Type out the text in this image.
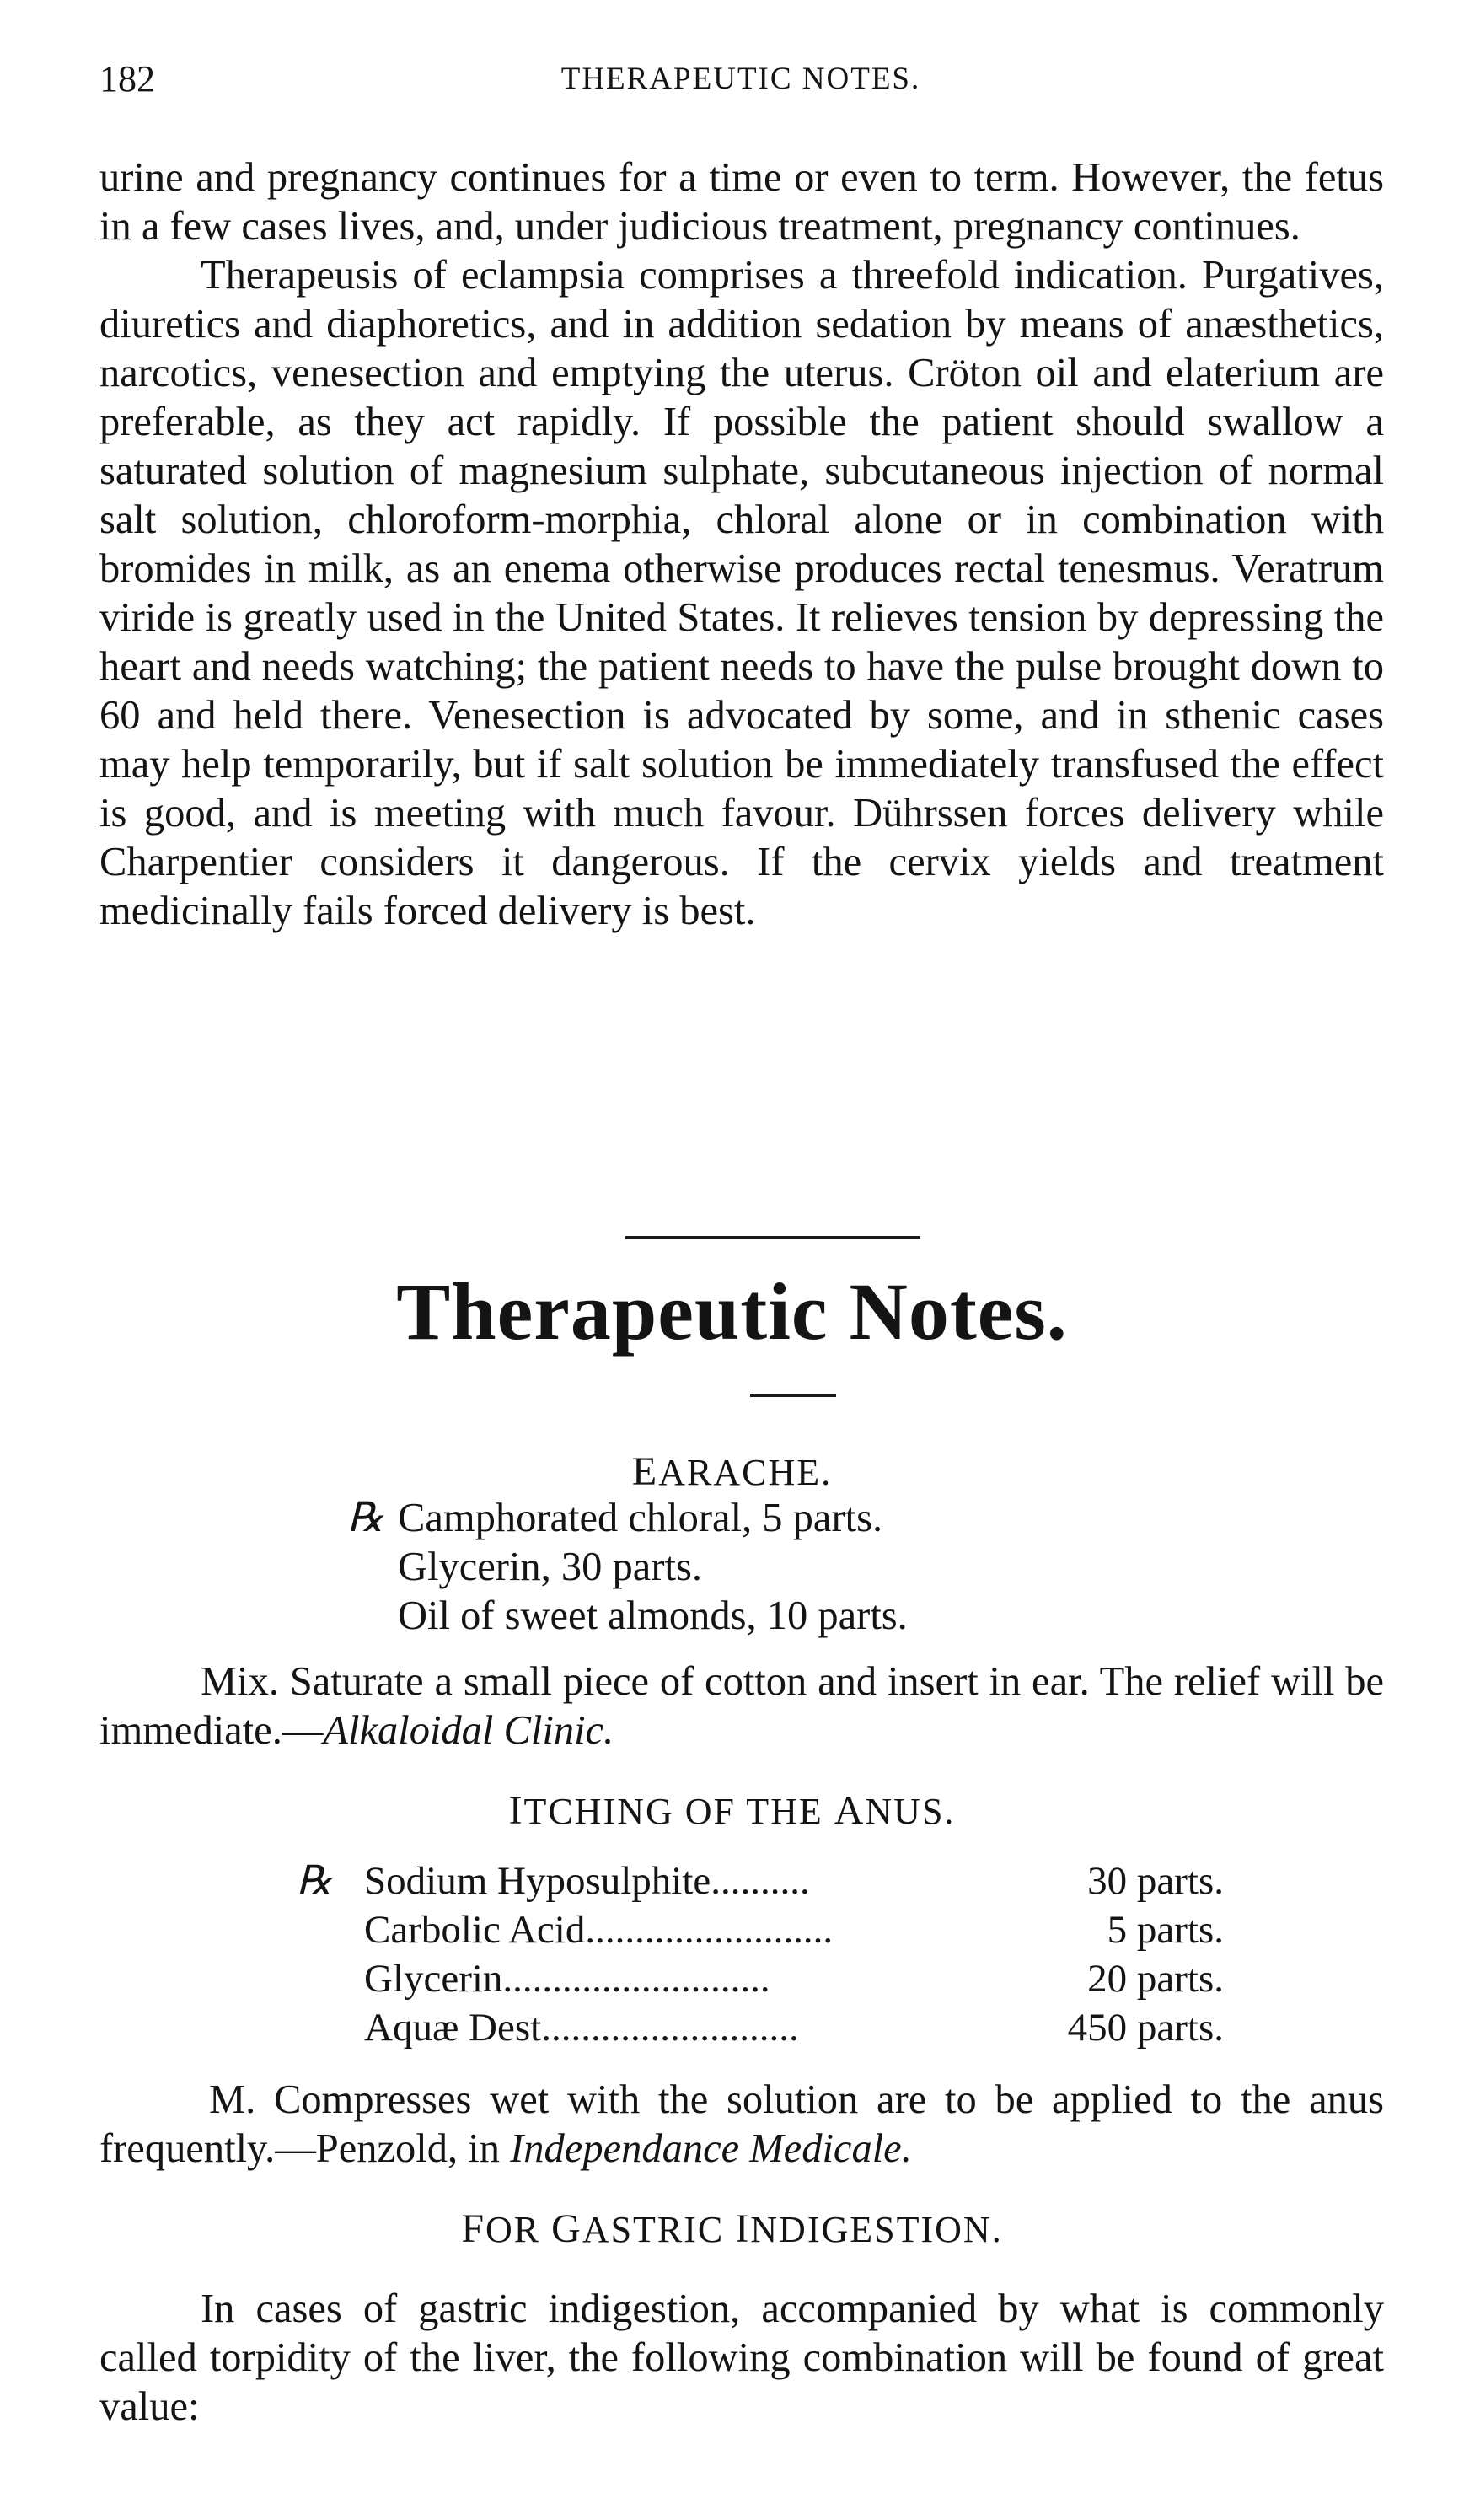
182	THERAPEUTIC NOTES.

urine and pregnancy continues for a time or even to term. However, the fetus in a few cases lives, and, under judicious treatment, pregnancy continues.

Therapeusis of eclampsia comprises a threefold indication. Purgatives, diuretics and diaphoretics, and in addition sedation by means of anæsthetics, narcotics, venesection and emptying the uterus. Cröton oil and elaterium are preferable, as they act rapidly. If possible the patient should swallow a saturated solution of magnesium sulphate, subcutaneous injection of normal salt solution, chloroform-morphia, chloral alone or in combination with bromides in milk, as an enema otherwise produces rectal tenesmus. Veratrum viride is greatly used in the United States. It relieves tension by depressing the heart and needs watching; the patient needs to have the pulse brought down to 60 and held there. Venesection is advocated by some, and in sthenic cases may help temporarily, but if salt solution be immediately transfused the effect is good, and is meeting with much favour. Dührssen forces delivery while Charpentier considers it dangerous. If the cervix yields and treatment medicinally fails forced delivery is best.

Therapeutic Notes.
EARACHE.
℞ Camphorated chloral, 5 parts.
Glycerin, 30 parts.
Oil of sweet almonds, 10 parts.

Mix. Saturate a small piece of cotton and insert in ear. The relief will be immediate.—Alkaloidal Clinic.

ITCHING OF THE ANUS.
℞ Sodium Hyposulphite..........	30 parts.
Carbolic Acid.........................	5 parts.
Glycerin...........................	20 parts.
Aquæ Dest..........................	450 parts.

M. Compresses wet with the solution are to be applied to the anus frequently.—Penzold, in Independance Medicale.

FOR GASTRIC INDIGESTION.

In cases of gastric indigestion, accompanied by what is commonly called torpidity of the liver, the following combination will be found of great value:
